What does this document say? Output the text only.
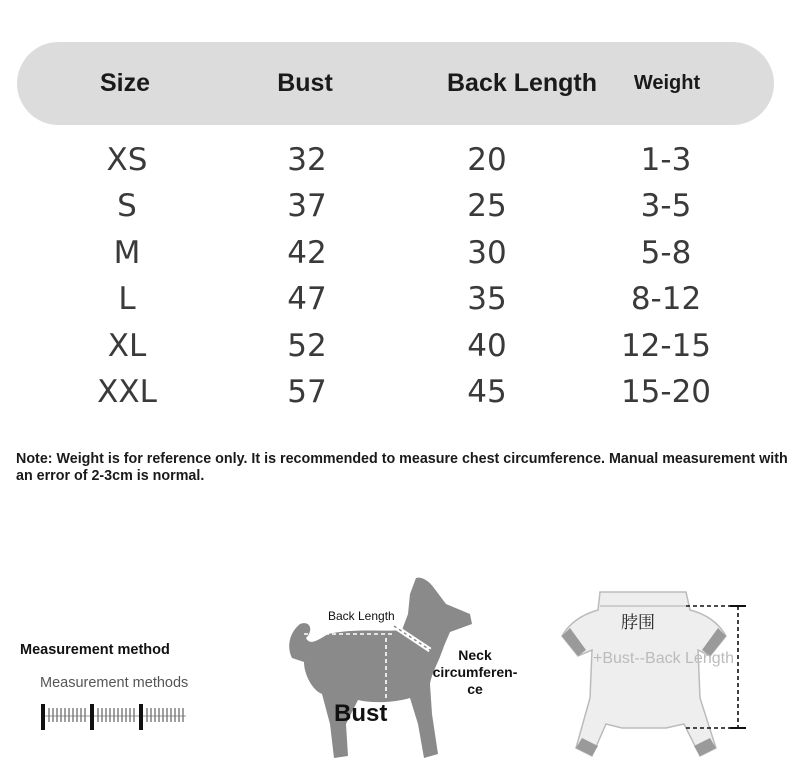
Size	Bust	Back Length	Weight
XS	32	20	1-3
S	37	25	3-5
M	42	30	5-8
L	47	35	8-12
XL	52	40	12-15
XXL	57	45	15-20
Note: Weight is for reference only. It is recommended to measure chest circumference. Manual measurement with an error of 2-3cm is normal.
Measurement method
Measurement methods
Back Length
Neck circumferen-ce
Bust
脖围
+Bust--Back Length
